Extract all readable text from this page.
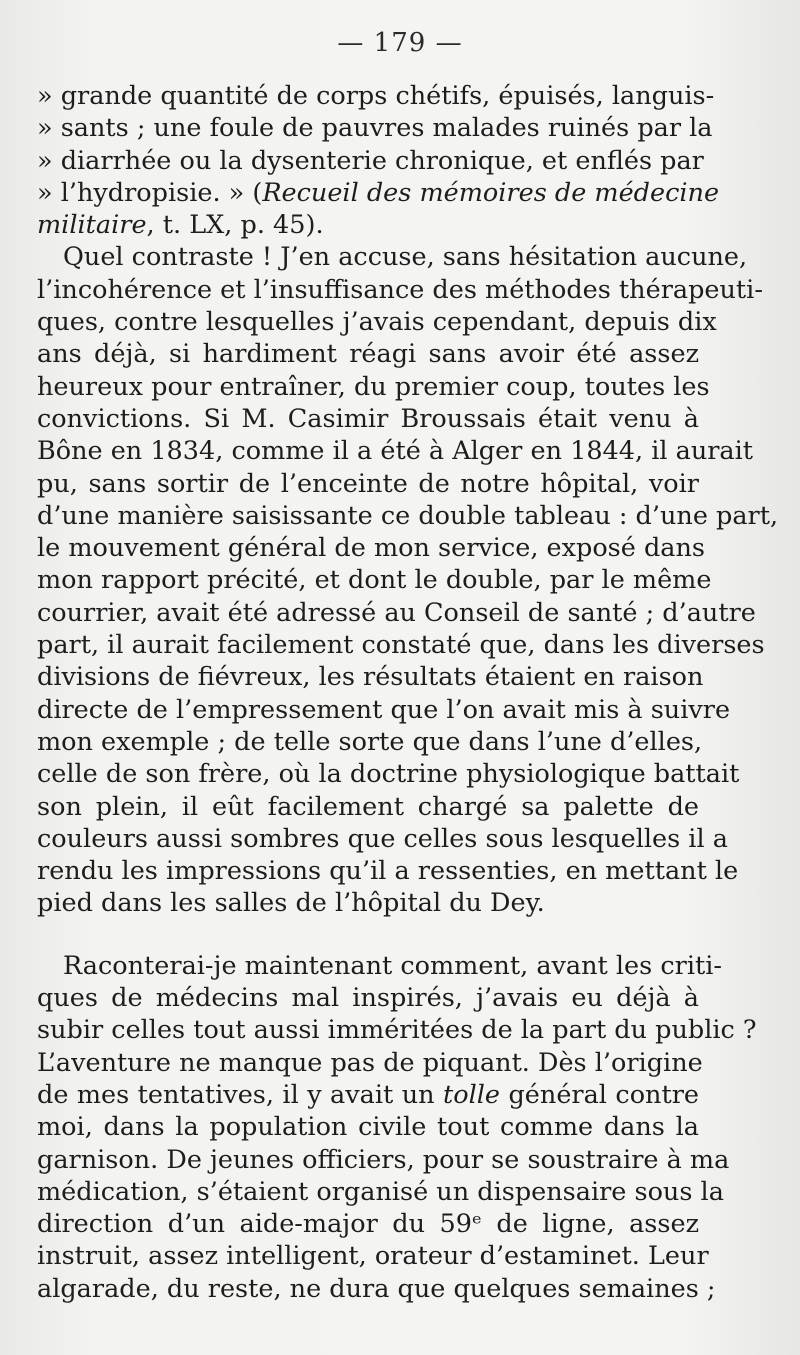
— 179 —
» grande quantité de corps chétifs, épuisés, languis-
» sants ; une foule de pauvres malades ruinés par la
» diarrhée ou la dysenterie chronique, et enflés par
» l’hydropisie. » (Recueil des mémoires de médecine
militaire, t. LX, p. 45).
Quel contraste ! J’en accuse, sans hésitation aucune,
l’incohérence et l’insuffisance des méthodes thérapeuti-
ques, contre lesquelles j’avais cependant, depuis dix
ans déjà, si hardiment réagi sans avoir été assez
heureux pour entraîner, du premier coup, toutes les
convictions. Si M. Casimir Broussais était venu à
Bône en 1834, comme il a été à Alger en 1844, il aurait
pu, sans sortir de l’enceinte de notre hôpital, voir
d’une manière saisissante ce double tableau : d’une part,
le mouvement général de mon service, exposé dans
mon rapport précité, et dont le double, par le même
courrier, avait été adressé au Conseil de santé ; d’autre
part, il aurait facilement constaté que, dans les diverses
divisions de fiévreux, les résultats étaient en raison
directe de l’empressement que l’on avait mis à suivre
mon exemple ; de telle sorte que dans l’une d’elles,
celle de son frère, où la doctrine physiologique battait
son plein, il eût facilement chargé sa palette de
couleurs aussi sombres que celles sous lesquelles il a
rendu les impressions qu’il a ressenties, en mettant le
pied dans les salles de l’hôpital du Dey.
Raconterai-je maintenant comment, avant les criti-
ques de médecins mal inspirés, j’avais eu déjà à
subir celles tout aussi imméritées de la part du public ?
L’aventure ne manque pas de piquant. Dès l’origine
de mes tentatives, il y avait un tolle général contre
moi, dans la population civile tout comme dans la
garnison. De jeunes officiers, pour se soustraire à ma
médication, s’étaient organisé un dispensaire sous la
direction d’un aide-major du 59ᵉ de ligne, assez
instruit, assez intelligent, orateur d’estaminet. Leur
algarade, du reste, ne dura que quelques semaines ;
